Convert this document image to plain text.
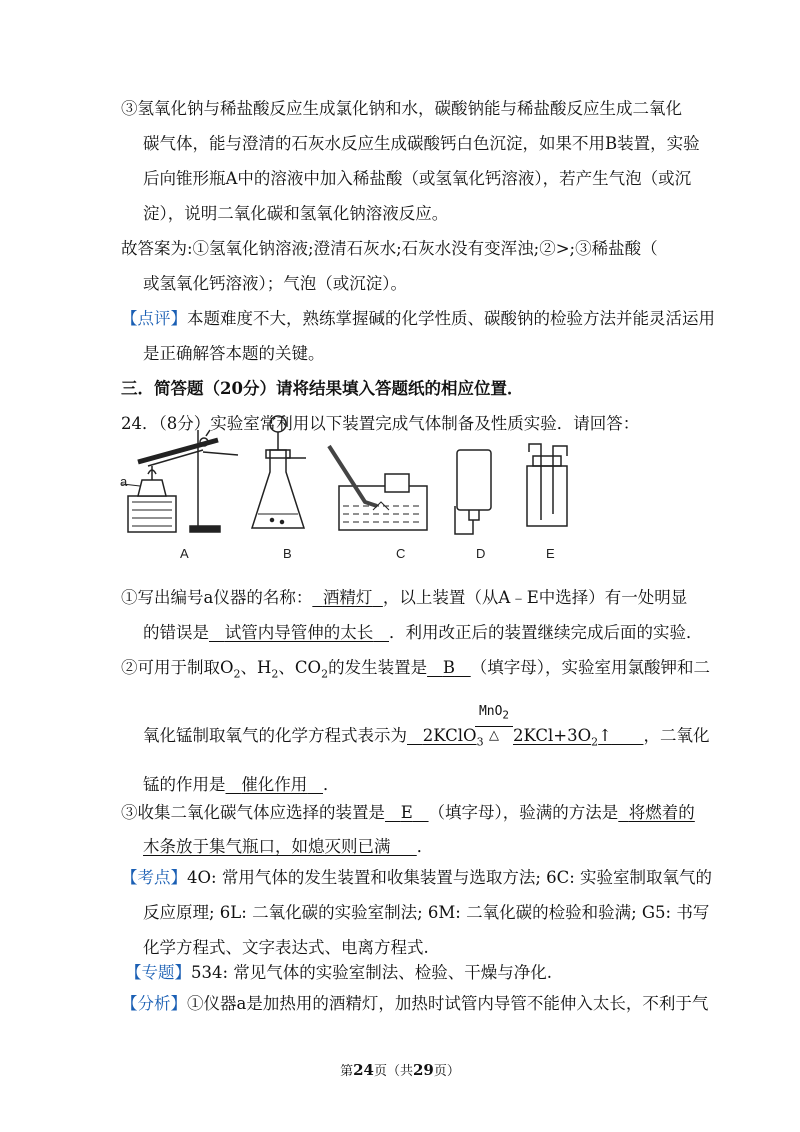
③氢氧化钠与稀盐酸反应生成氯化钠和水，碳酸钠能与稀盐酸反应生成二氧化
碳气体，能与澄清的石灰水反应生成碳酸钙白色沉淀，如果不用B装置，实验
后向锥形瓶A中的溶液中加入稀盐酸（或氢氧化钙溶液），若产生气泡（或沉
淀），说明二氧化碳和氢氧化钠溶液反应。
故答案为:①氢氧化钠溶液;澄清石灰水;石灰水没有变浑浊;②>;③稀盐酸（
或氢氧化钙溶液）；气泡（或沉淀）。
【点评】本题难度不大，熟练掌握碱的化学性质、碳酸钠的检验方法并能灵活运用
是正确解答本题的关键。
三．简答题（20分）请将结果填入答题纸的相应位置．
24．（8分）实验室常利用以下装置完成气体制备及性质实验．请回答：
a
A	B	C	D	E
①写出编号a仪器的名称： 酒精灯 ，以上装置（从A﹣E中选择）有一处明显
的错误是 试管内导管伸的太长 ．利用改正后的装置继续完成后面的实验．
②可用于制取$O_2$、$H_2$、$CO_2$的发生装置是 B （填字母），实验室用氯酸钾和二
氧化锰制取氧气的化学方程式表示为 2KClO$_3$
MnO$_2$
△ $2KCl+3O_2↑$ ，二氧化
锰的作用是 催化作用 ．
③收集二氧化碳气体应选择的装置是 E （填字母），验满的方法是 将燃着的
木条放于集气瓶口，如熄灭则已满 ．
【考点】4O: 常用气体的发生装置和收集装置与选取方法; 6C: 实验室制取氧气的
反应原理; 6L: 二氧化碳的实验室制法; 6M: 二氧化碳的检验和验满; G5: 书写
化学方程式、文字表达式、电离方程式.
【专题】534: 常见气体的实验室制法、检验、干燥与净化.
【分析】①仪器a是加热用的酒精灯，加热时试管内导管不能伸入太长，不利于气
第24页（共29页）
